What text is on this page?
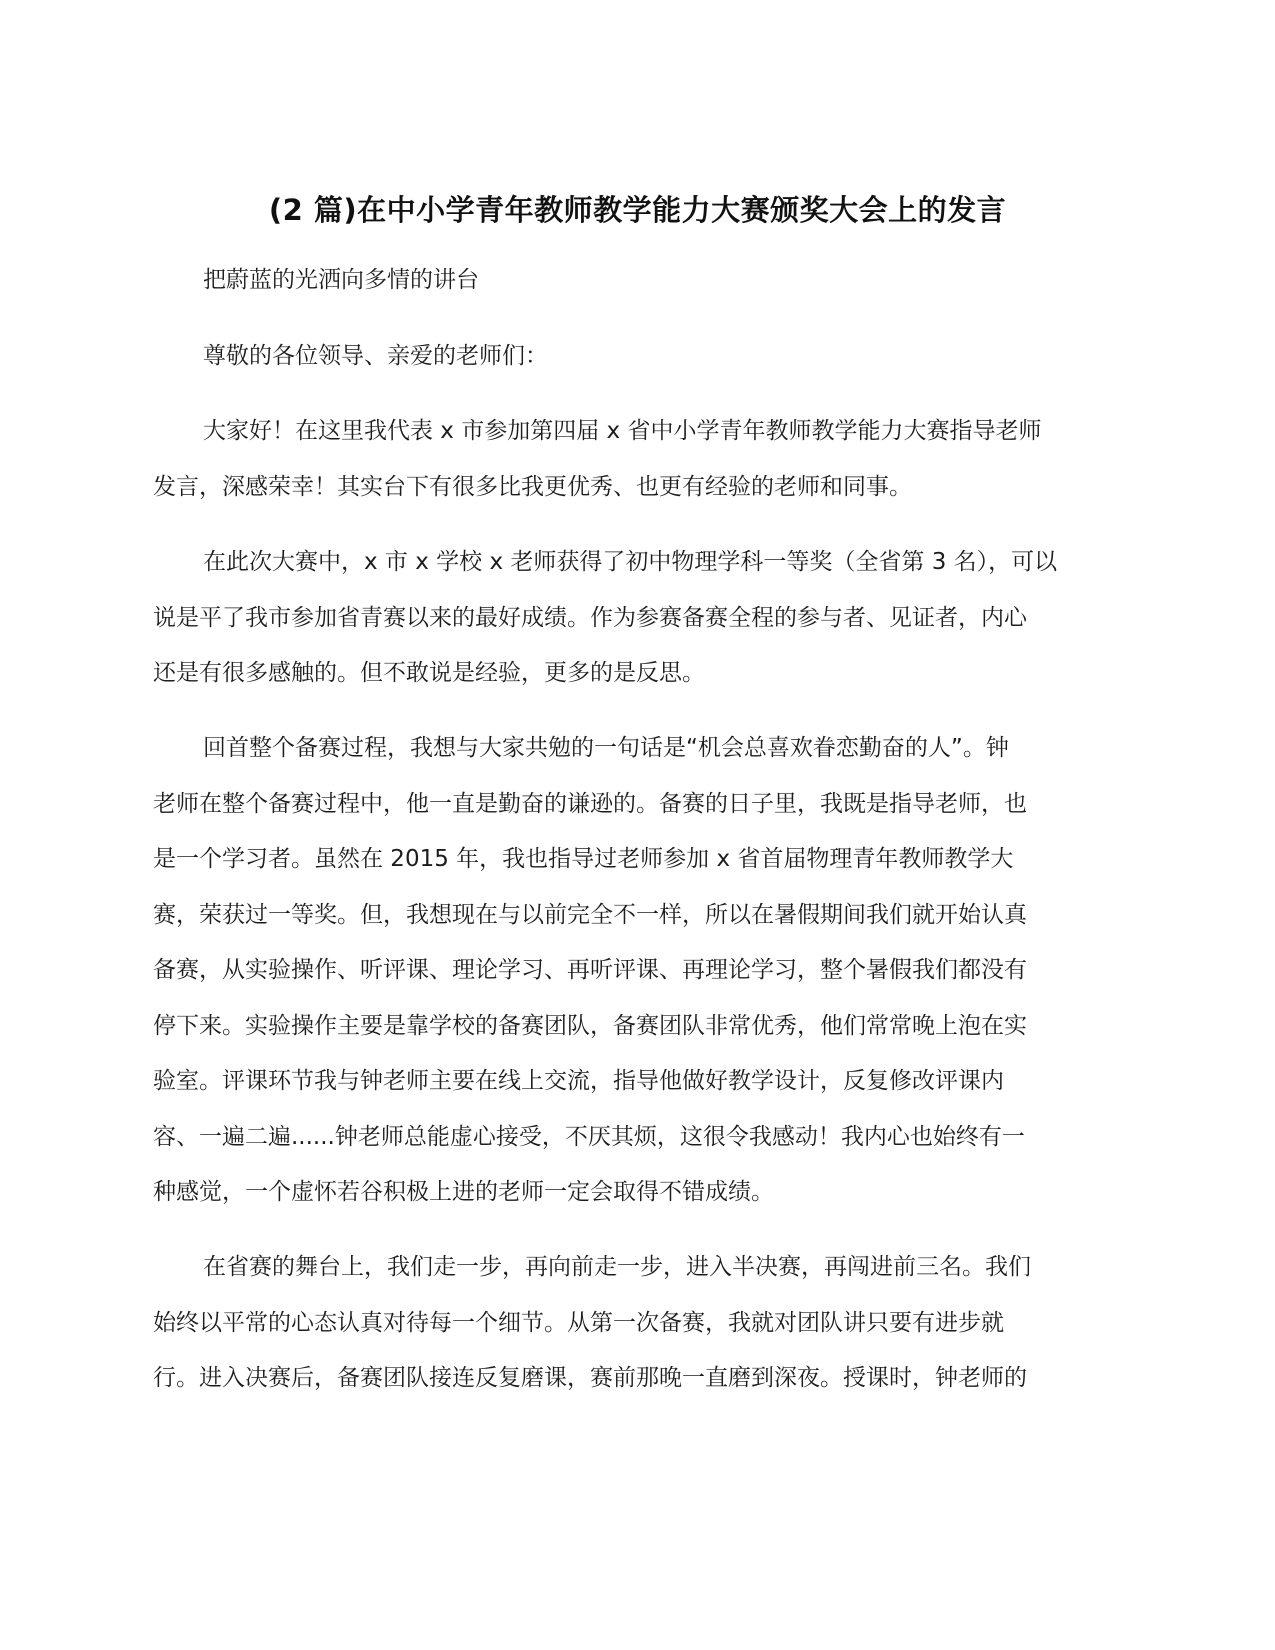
(2 篇)在中小学青年教师教学能力大赛颁奖大会上的发言
把蔚蓝的光洒向多情的讲台
尊敬的各位领导、亲爱的老师们：
大家好！在这里我代表 x 市参加第四届 x 省中小学青年教师教学能力大赛指导老师
发言，深感荣幸！其实台下有很多比我更优秀、也更有经验的老师和同事。
在此次大赛中，x 市 x 学校 x 老师获得了初中物理学科一等奖（全省第 3 名），可以
说是平了我市参加省青赛以来的最好成绩。作为参赛备赛全程的参与者、见证者，内心
还是有很多感触的。但不敢说是经验，更多的是反思。
回首整个备赛过程，我想与大家共勉的一句话是“机会总喜欢眷恋勤奋的人”。钟
老师在整个备赛过程中，他一直是勤奋的谦逊的。备赛的日子里，我既是指导老师，也
是一个学习者。虽然在 2015 年，我也指导过老师参加 x 省首届物理青年教师教学大
赛，荣获过一等奖。但，我想现在与以前完全不一样，所以在暑假期间我们就开始认真
备赛，从实验操作、听评课、理论学习、再听评课、再理论学习，整个暑假我们都没有
停下来。实验操作主要是靠学校的备赛团队，备赛团队非常优秀，他们常常晚上泡在实
验室。评课环节我与钟老师主要在线上交流，指导他做好教学设计，反复修改评课内
容、一遍二遍......钟老师总能虚心接受，不厌其烦，这很令我感动！我内心也始终有一
种感觉，一个虚怀若谷积极上进的老师一定会取得不错成绩。
在省赛的舞台上，我们走一步，再向前走一步，进入半决赛，再闯进前三名。我们
始终以平常的心态认真对待每一个细节。从第一次备赛，我就对团队讲只要有进步就
行。进入决赛后，备赛团队接连反复磨课，赛前那晚一直磨到深夜。授课时，钟老师的
